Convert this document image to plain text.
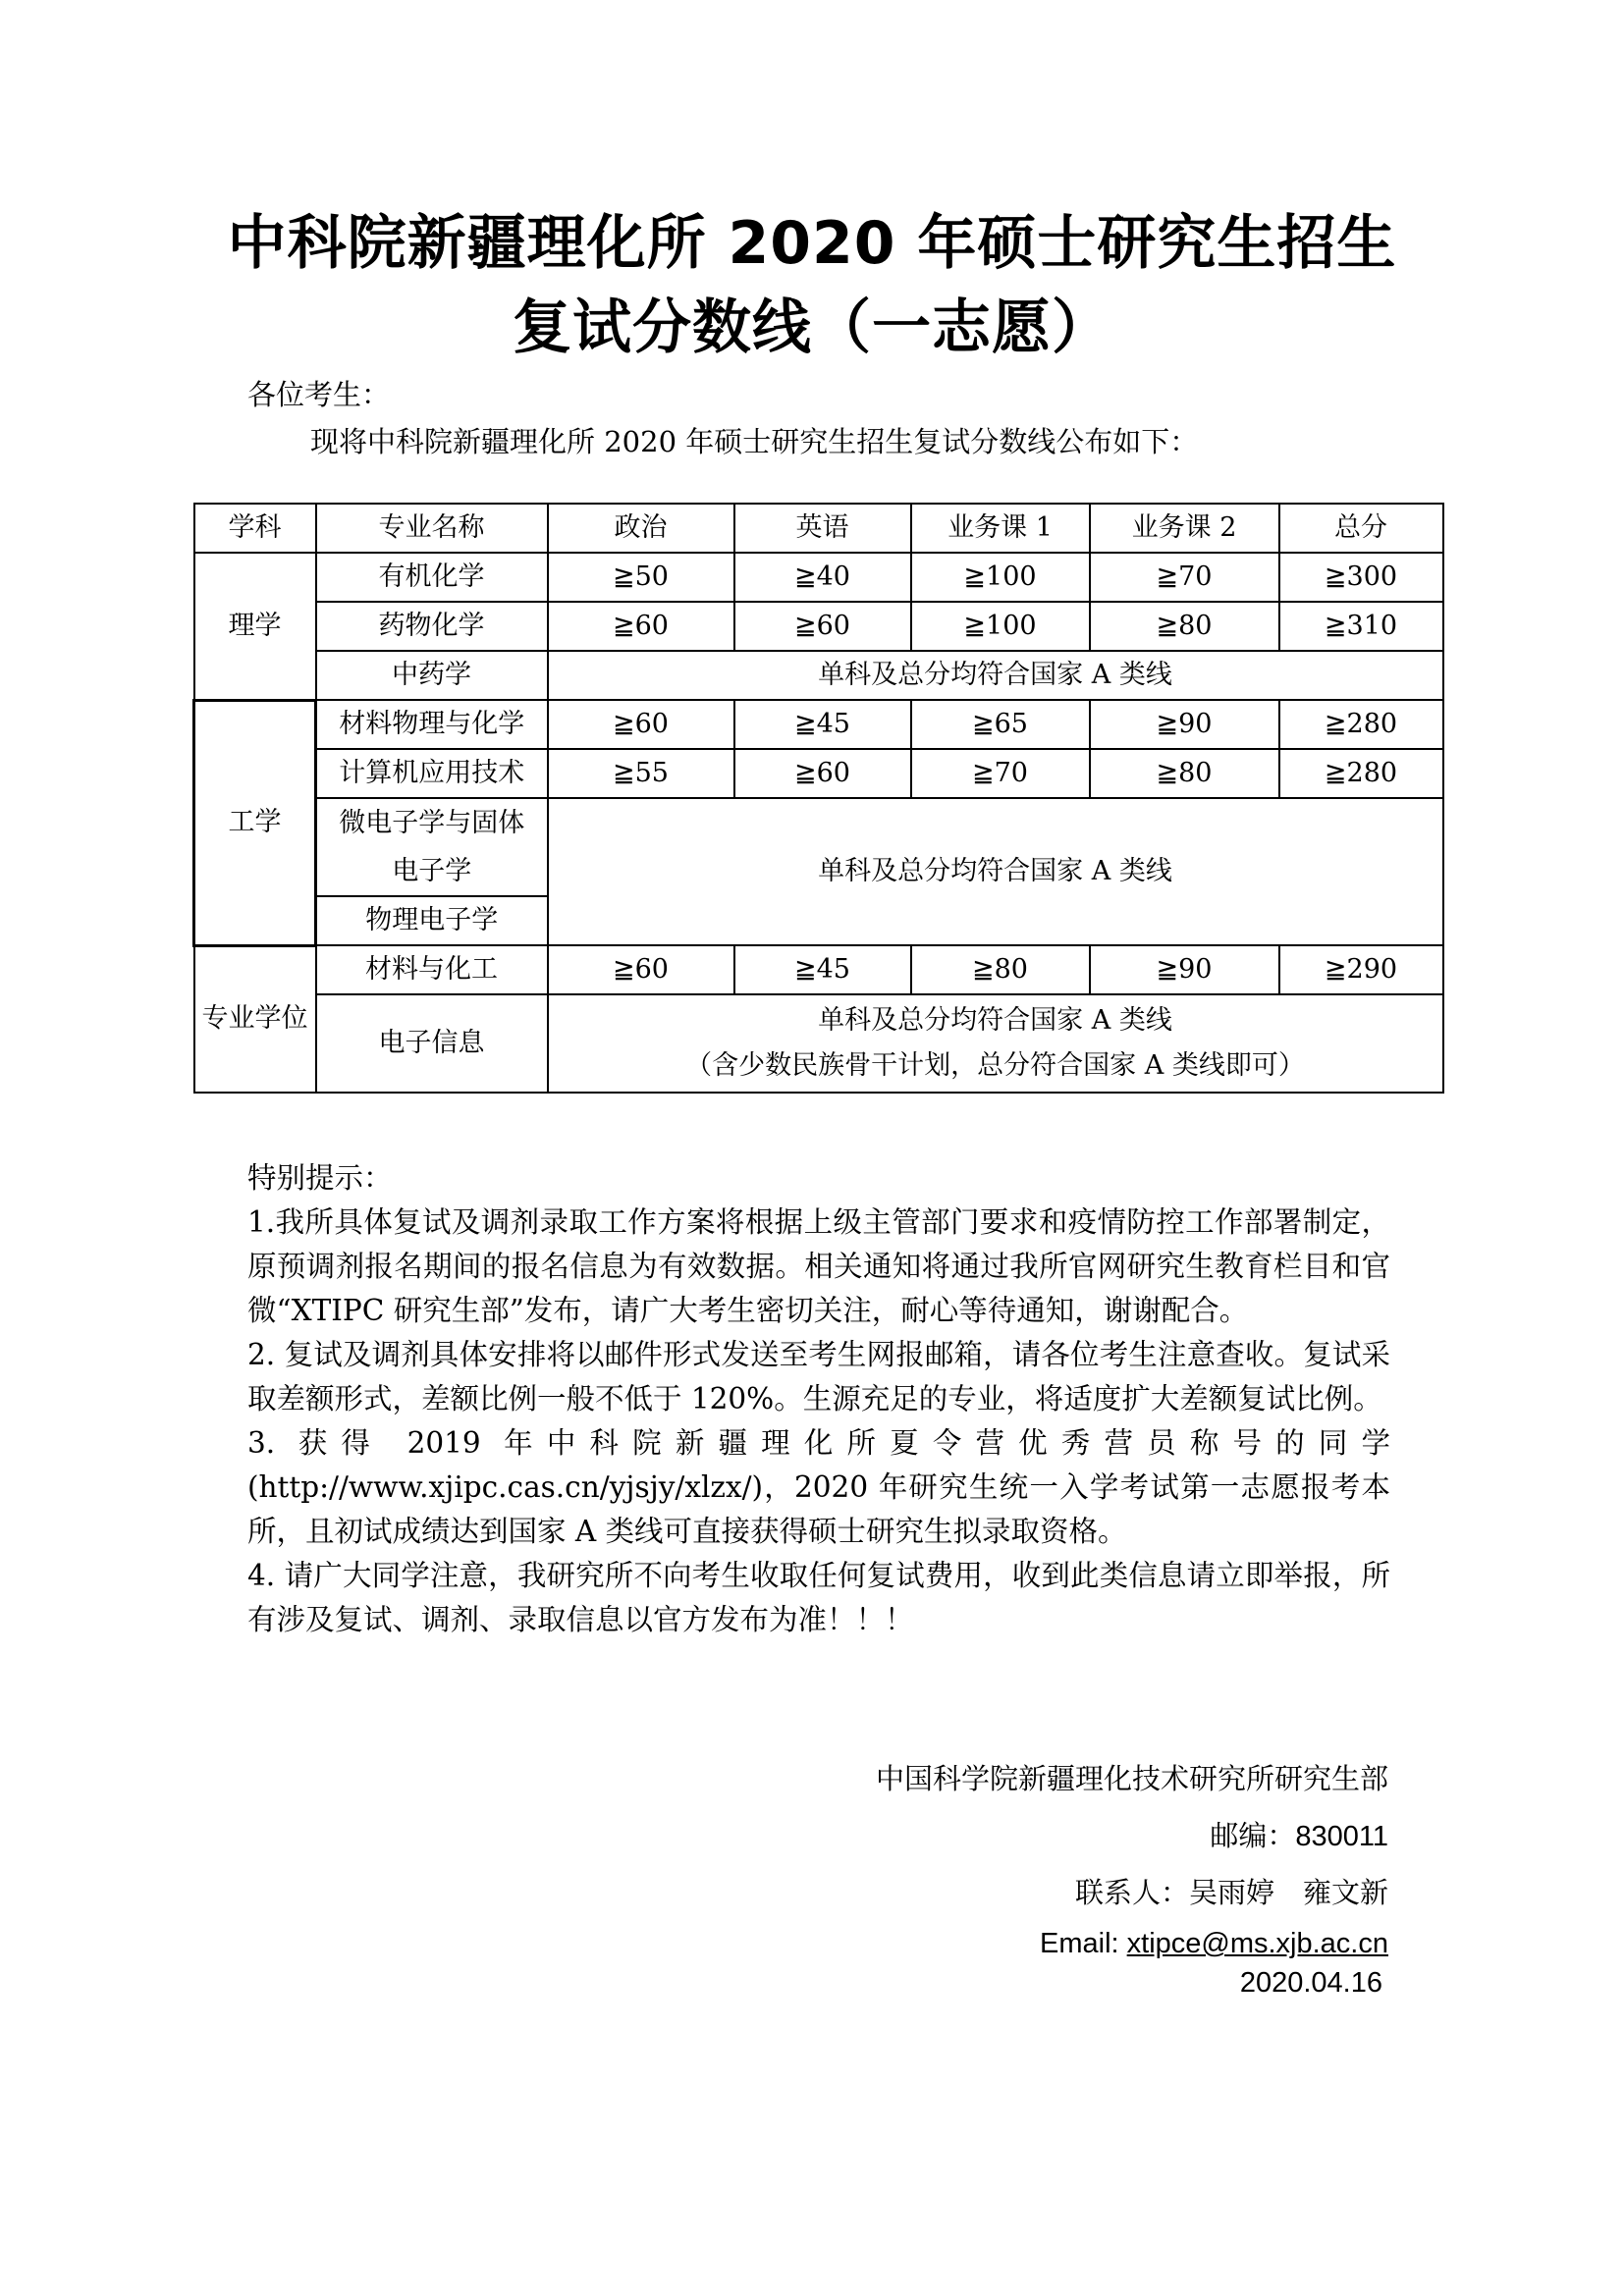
中科院新疆理化所 2020 年硕士研究生招生
复试分数线（一志愿）
各位考生：
现将中科院新疆理化所 2020 年硕士研究生招生复试分数线公布如下：
学科	专业名称	政治	英语	业务课 1	业务课 2	总分
理学	有机化学	≧50	≧40	≧100	≧70	≧300
	药物化学	≧60	≧60	≧100	≧80	≧310
	中药学	单科及总分均符合国家 A 类线				
工学	材料物理与化学	≧60	≧45	≧65	≧90	≧280
	计算机应用技术	≧55	≧60	≧70	≧80	≧280

	微电子学与固体
电子学	单科及总分均符合国家 A 类线				
	物理电子学					
专业学位	材料与化工	≧60	≧45	≧80	≧90	≧290
	电子信息	单科及总分均符合国家 A 类线
（含少数民族骨干计划，总分符合国家 A 类线即可）				

特别提示：

1.我所具体复试及调剂录取工作方案将根据上级主管部门要求和疫情防控工作部署制定，原预调剂报名期间的报名信息为有效数据。相关通知将通过我所官网研究生教育栏目和官微“XTIPC 研究生部”发布，请广大考生密切关注，耐心等待通知，谢谢配合。

2. 复试及调剂具体安排将以邮件形式发送至考生网报邮箱，请各位考生注意查收。复试采取差额形式，差额比例一般不低于 120%。生源充足的专业，将适度扩大差额复试比例。

3. 获得 2019 年中科院新疆理化所夏令营优秀营员称号的同学(http://www.xjipc.cas.cn/yjsjy/xlzx/)，2020 年研究生统一入学考试第一志愿报考本所，且初试成绩达到国家 A 类线可直接获得硕士研究生拟录取资格。

4. 请广大同学注意，我研究所不向考生收取任何复试费用，收到此类信息请立即举报，所有涉及复试、调剂、录取信息以官方发布为准！！！

中国科学院新疆理化技术研究所研究生部
邮编：830011
联系人：吴雨婷　雍文新
Email: xtipce@ms.xjb.ac.cn
2020.04.16
